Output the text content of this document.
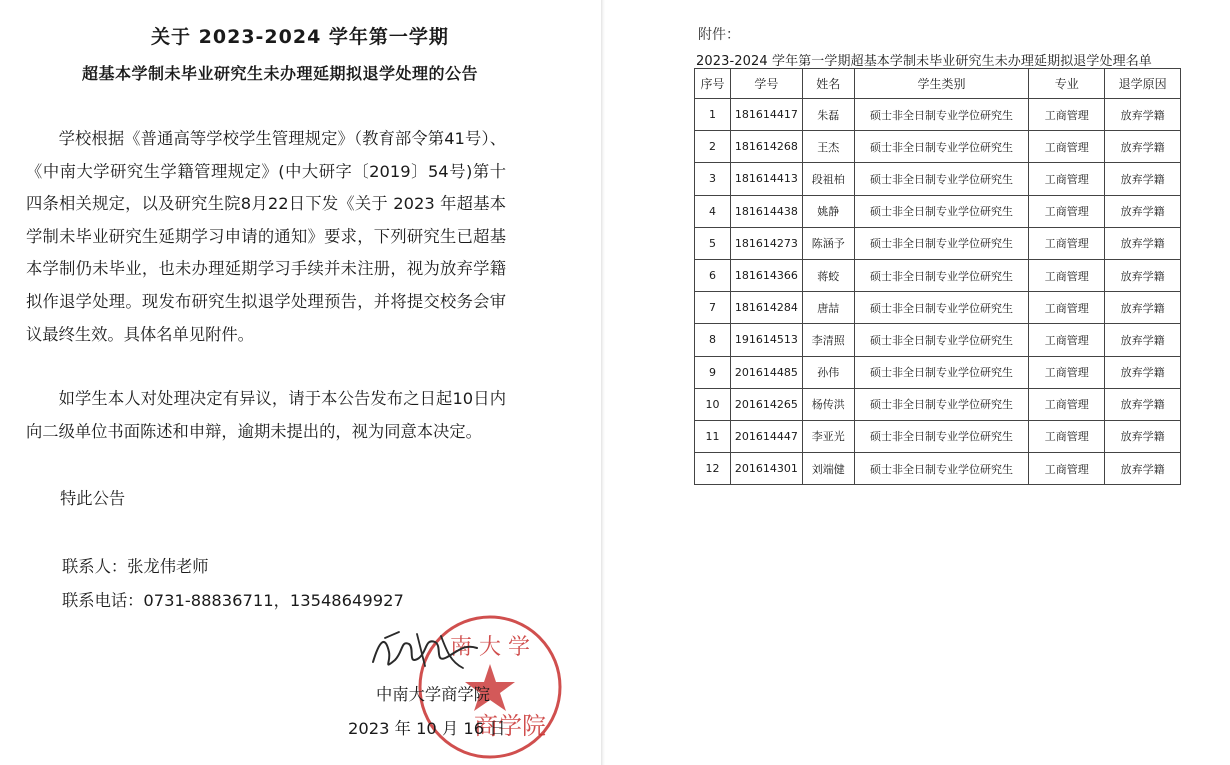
关于 2023-2024 学年第一学期
超基本学制未毕业研究生未办理延期拟退学处理的公告

学校根据《普通高等学校学生管理规定》（教育部令第41号）、《中南大学研究生学籍管理规定》(中大研字〔2019〕54号)第十四条相关规定，以及研究生院8月22日下发《关于 2023 年超基本学制未毕业研究生延期学习申请的通知》要求，下列研究生已超基本学制仍未毕业，也未办理延期学习手续并未注册，视为放弃学籍拟作退学处理。现发布研究生拟退学处理预告，并将提交校务会审议最终生效。具体名单见附件。

如学生本人对处理决定有异议，请于本公告发布之日起10日内向二级单位书面陈述和申辩，逾期未提出的，视为同意本决定。

特此公告

联系人：张龙伟老师
联系电话：0731-88836711，13548649927
南 大 学
商学院
中南大学商学院
2023 年 10 月 16 日
附件：
2023-2024 学年第一学期超基本学制未毕业研究生未办理延期拟退学处理名单
序号	学号	姓名	学生类别	专业	退学原因
1	181614417	朱磊	硕士非全日制专业学位研究生	工商管理	放弃学籍
2	181614268	王杰	硕士非全日制专业学位研究生	工商管理	放弃学籍
3	181614413	段祖柏	硕士非全日制专业学位研究生	工商管理	放弃学籍
4	181614438	姚静	硕士非全日制专业学位研究生	工商管理	放弃学籍
5	181614273	陈涵予	硕士非全日制专业学位研究生	工商管理	放弃学籍
6	181614366	蒋蛟	硕士非全日制专业学位研究生	工商管理	放弃学籍
7	181614284	唐喆	硕士非全日制专业学位研究生	工商管理	放弃学籍
8	191614513	李清照	硕士非全日制专业学位研究生	工商管理	放弃学籍
9	201614485	孙伟	硕士非全日制专业学位研究生	工商管理	放弃学籍
10	201614265	杨传洪	硕士非全日制专业学位研究生	工商管理	放弃学籍
11	201614447	李亚光	硕士非全日制专业学位研究生	工商管理	放弃学籍
12	201614301	刘端健	硕士非全日制专业学位研究生	工商管理	放弃学籍
